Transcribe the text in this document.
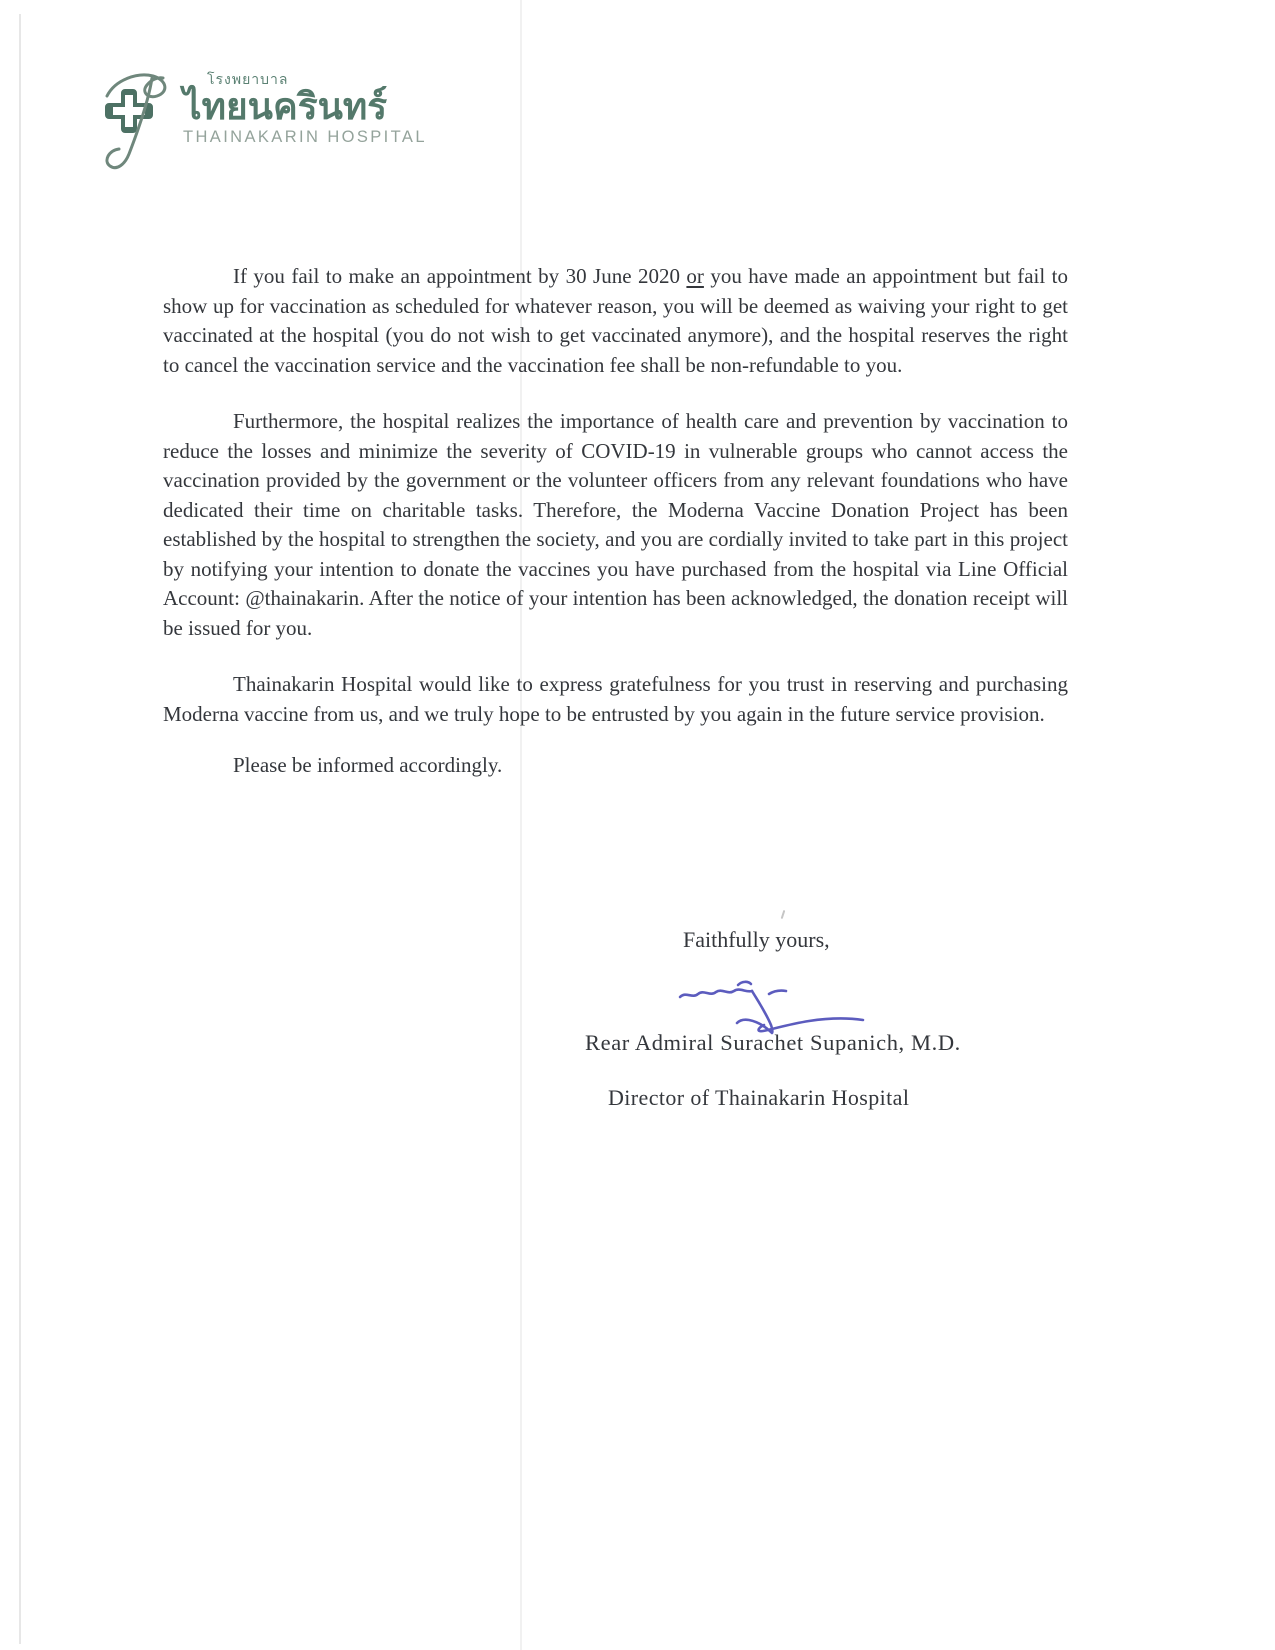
โรงพยาบาล
ไทยนครินทร์
THAINAKARIN HOSPITAL

If you fail to make an appointment by 30 June 2020 or you have made an appointment but fail to show up for vaccination as scheduled for whatever reason, you will be deemed as waiving your right to get vaccinated at the hospital (you do not wish to get vaccinated anymore), and the hospital reserves the right to cancel the vaccination service and the vaccination fee shall be non-refundable to you.

Furthermore, the hospital realizes the importance of health care and prevention by vaccination to reduce the losses and minimize the severity of COVID-19 in vulnerable groups who cannot access the vaccination provided by the government or the volunteer officers from any relevant foundations who have dedicated their time on charitable tasks. Therefore, the Moderna Vaccine Donation Project has been established by the hospital to strengthen the society, and you are cordially invited to take part in this project by notifying your intention to donate the vaccines you have purchased from the hospital via Line Official Account: @thainakarin. After the notice of your intention has been acknowledged, the donation receipt will be issued for you.

Thainakarin Hospital would like to express gratefulness for you trust in reserving and purchasing Moderna vaccine from us, and we truly hope to be entrusted by you again in the future service provision.

Please be informed accordingly.

Faithfully yours,
Rear Admiral Surachet Supanich, M.D.
Director of Thainakarin Hospital
